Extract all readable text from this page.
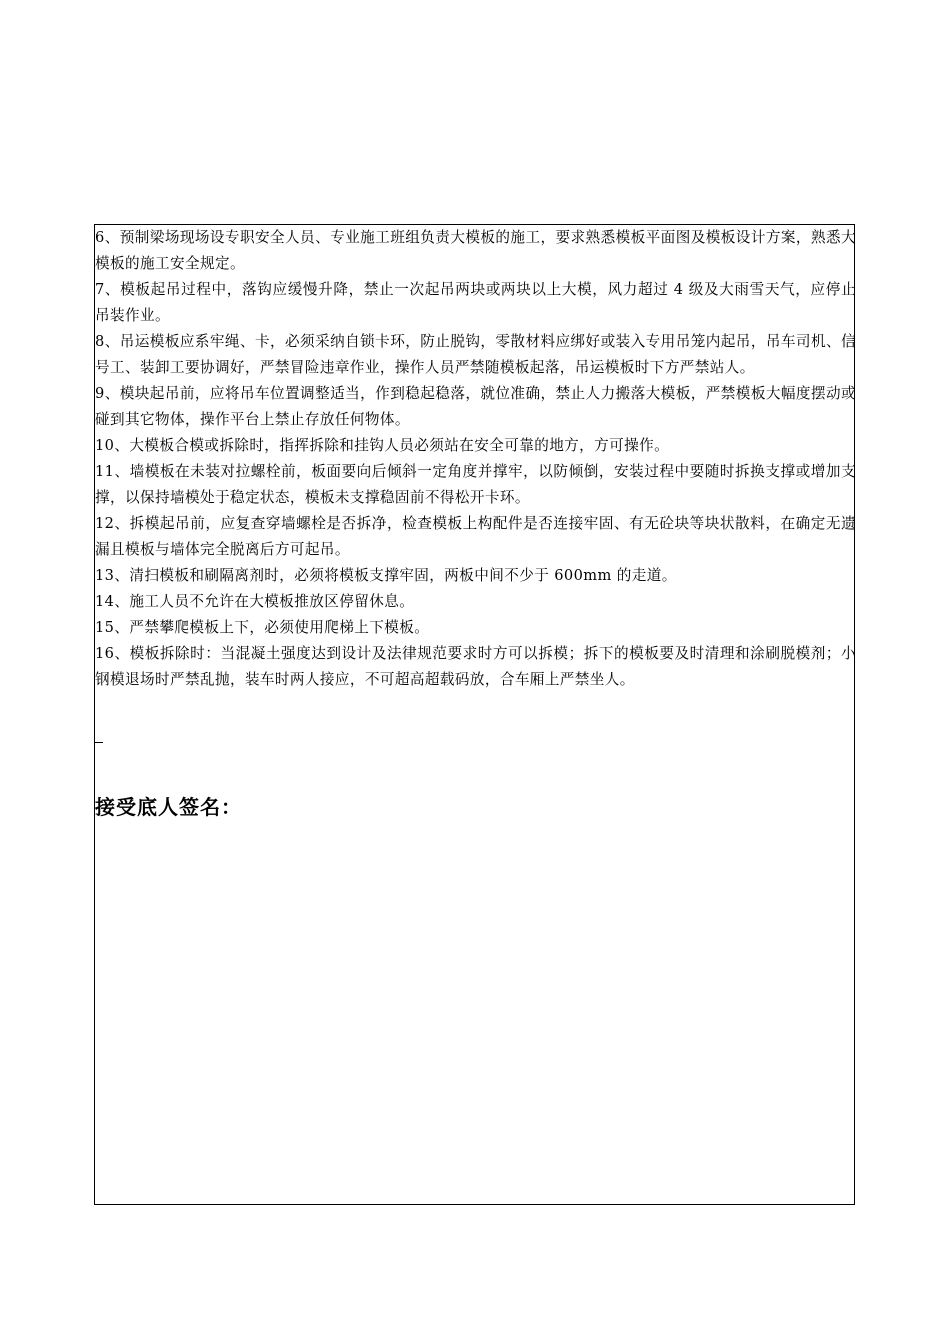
6、预制梁场现场设专职安全人员、专业施工班组负责大模板的施工，要求熟悉模板平面图及模板设计方案，熟悉大模板的施工安全规定。

7、模板起吊过程中，落钩应缓慢升降，禁止一次起吊两块或两块以上大模，风力超过 4 级及大雨雪天气，应停止吊装作业。

8、吊运模板应系牢绳、卡，必须采纳自锁卡环，防止脱钩，零散材料应绑好或装入专用吊笼内起吊，吊车司机、信号工、装卸工要协调好，严禁冒险违章作业，操作人员严禁随模板起落，吊运模板时下方严禁站人。

9、模块起吊前，应将吊车位置调整适当，作到稳起稳落，就位准确，禁止人力搬落大模板，严禁模板大幅度摆动或碰到其它物体，操作平台上禁止存放任何物体。

10、大模板合模或拆除时，指挥拆除和挂钩人员必须站在安全可靠的地方，方可操作。

11、墙模板在未装对拉螺栓前，板面要向后倾斜一定角度并撑牢，以防倾倒，安装过程中要随时拆换支撑或增加支撑，以保持墙模处于稳定状态，模板未支撑稳固前不得松开卡环。

12、拆模起吊前，应复查穿墙螺栓是否拆净，检查模板上构配件是否连接牢固、有无砼块等块状散料，在确定无遗漏且模板与墙体完全脱离后方可起吊。

13、清扫模板和刷隔离剂时，必须将模板支撑牢固，两板中间不少于 600mm 的走道。

14、施工人员不允许在大模板推放区停留休息。

15、严禁攀爬模板上下，必须使用爬梯上下模板。

16、模板拆除时：当混凝土强度达到设计及法律规范要求时方可以拆模；拆下的模板要及时清理和涂刷脱模剂；小钢模退场时严禁乱抛，装车时两人接应，不可超高超载码放，合车厢上严禁坐人。

接受底人签名：
